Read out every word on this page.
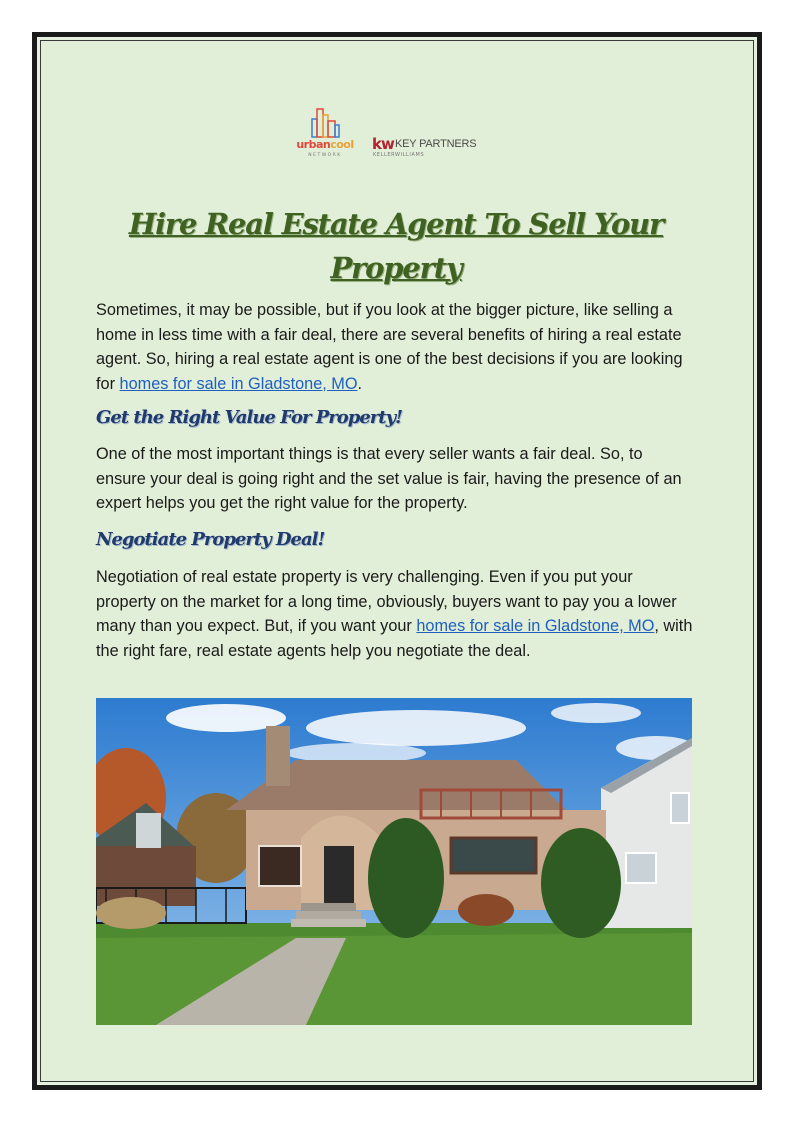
urbancool
NETWORK
kw KEY PARTNERS
KELLERWILLIAMS
Hire Real Estate Agent To Sell Your Property

Sometimes, it may be possible, but if you look at the bigger picture, like selling a home in less time with a fair deal, there are several benefits of hiring a real estate agent. So, hiring a real estate agent is one of the best decisions if you are looking for homes for sale in Gladstone, MO.

Get the Right Value For Property!

One of the most important things is that every seller wants a fair deal. So, to ensure your deal is going right and the set value is fair, having the presence of an expert helps you get the right value for the property.

Negotiate Property Deal!

Negotiation of real estate property is very challenging. Even if you put your property on the market for a long time, obviously, buyers want to pay you a lower many than you expect. But, if you want your homes for sale in Gladstone, MO, with the right fare, real estate agents help you negotiate the deal.
